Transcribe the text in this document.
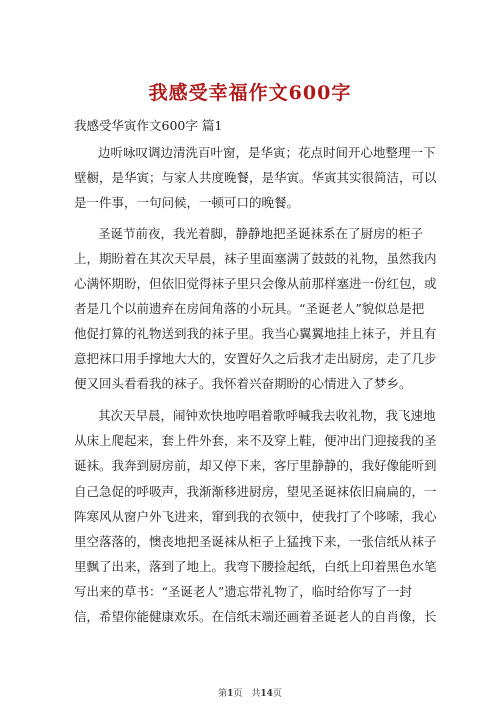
我感受幸福作文600字

我感受华寅作文600字 篇1

边听咏叹调边清洗百叶窗，是华寅；花点时间开心地整理一下

壁橱，是华寅；与家人共度晚餐，是华寅。华寅其实很简洁，可以

是一件事，一句问候，一顿可口的晚餐。

圣诞节前夜，我光着脚，静静地把圣诞袜系在了厨房的柜子

上，期盼着在其次天早晨，袜子里面塞满了鼓鼓的礼物，虽然我内

心满怀期盼，但依旧觉得袜子里只会像从前那样塞进一份红包，或

者是几个以前遗弃在房间角落的小玩具。“圣诞老人”貌似总是把

他促打算的礼物送到我的袜子里。我当心翼翼地挂上袜子，并且有

意把袜口用手撑地大大的，安置好久之后我才走出厨房，走了几步

便又回头看看我的袜子。我怀着兴奋期盼的心情进入了梦乡。

其次天早晨，闹钟欢快地哼唱着歌呼喊我去收礼物，我飞速地

从床上爬起来，套上件外套，来不及穿上鞋，便冲出门迎接我的圣

诞袜。我奔到厨房前，却又停下来，客厅里静静的，我好像能听到

自己急促的呼吸声，我渐渐移进厨房，望见圣诞袜依旧扁扁的，一

阵寒风从窗户外飞进来，窜到我的衣领中，使我打了个哆嗦，我心

里空落落的，懊丧地把圣诞袜从柜子上猛拽下来，一张信纸从袜子

里飘了出来，落到了地上。我弯下腰捡起纸，白纸上印着黑色水笔

写出来的草书：“圣诞老人”遗忘带礼物了，临时给你写了一封

信，希望你能健康欢乐。在信纸末端还画着圣诞老人的自肖像，长

第1页　共14页
